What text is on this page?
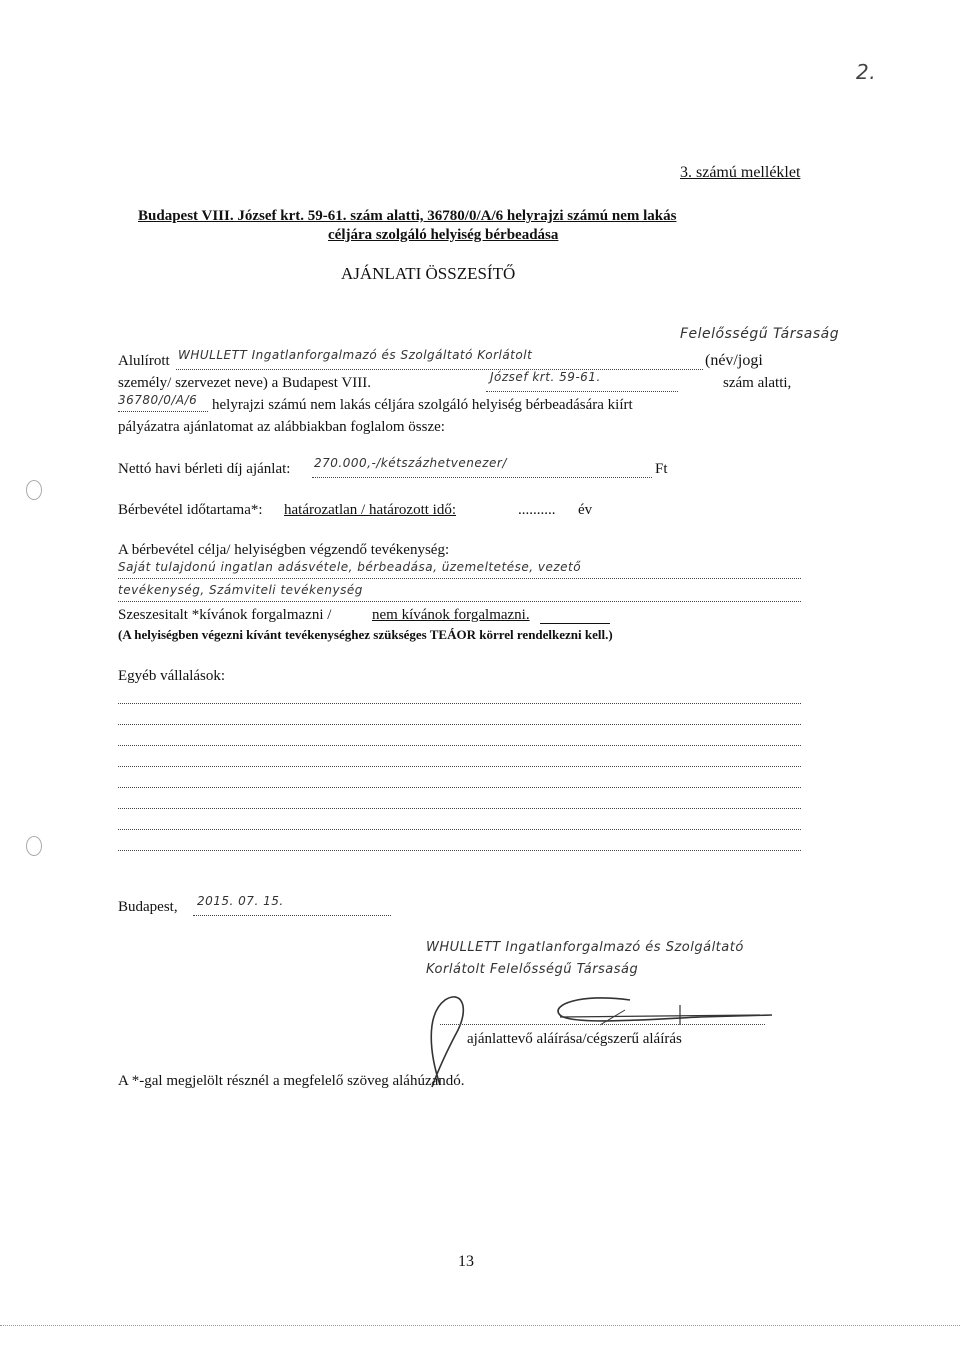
2.
3. számú melléklet
Budapest VIII. József krt. 59-61. szám alatti, 36780/0/A/6 helyrajzi számú nem lakás
céljára szolgáló helyiség bérbeadása
AJÁNLATI ÖSSZESÍTŐ
Felelősségű Társaság
Alulírott WHULLETT Ingatlanforgalmazó és Szolgáltató Korlátolt	(név/jogi
személy/ szervezet neve) a Budapest VIII.	József krt. 59-61.	szám alatti,
36780/0/A/6 helyrajzi számú nem lakás céljára szolgáló helyiség bérbeadására kiírt
pályázatra ajánlatomat az alábbiakban foglalom össze:
Nettó havi bérleti díj ajánlat: 270.000,-/kétszázhetvenezer/	Ft
Bérbevétel időtartama*: határozatlan / határozott idő:	.......... év
A bérbevétel célja/ helyiségben végzendő tevékenység:
Saját tulajdonú ingatlan adásvétele, bérbeadása, üzemeltetése, vezető
tevékenység, Számviteli tevékenység
Szeszesitalt *kívánok forgalmazni /	nem kívánok forgalmazni.
(A helyiségben végezni kívánt tevékenységhez szükséges TEÁOR körrel rendelkezni kell.)
Egyéb vállalások:
Budapest, 2015. 07. 15.
WHULLETT Ingatlanforgalmazó és Szolgáltató
Korlátolt Felelősségű Társaság
ajánlattevő aláírása/cégszerű aláírás
A *-gal megjelölt résznél a megfelelő szöveg aláhúzandó.
13
